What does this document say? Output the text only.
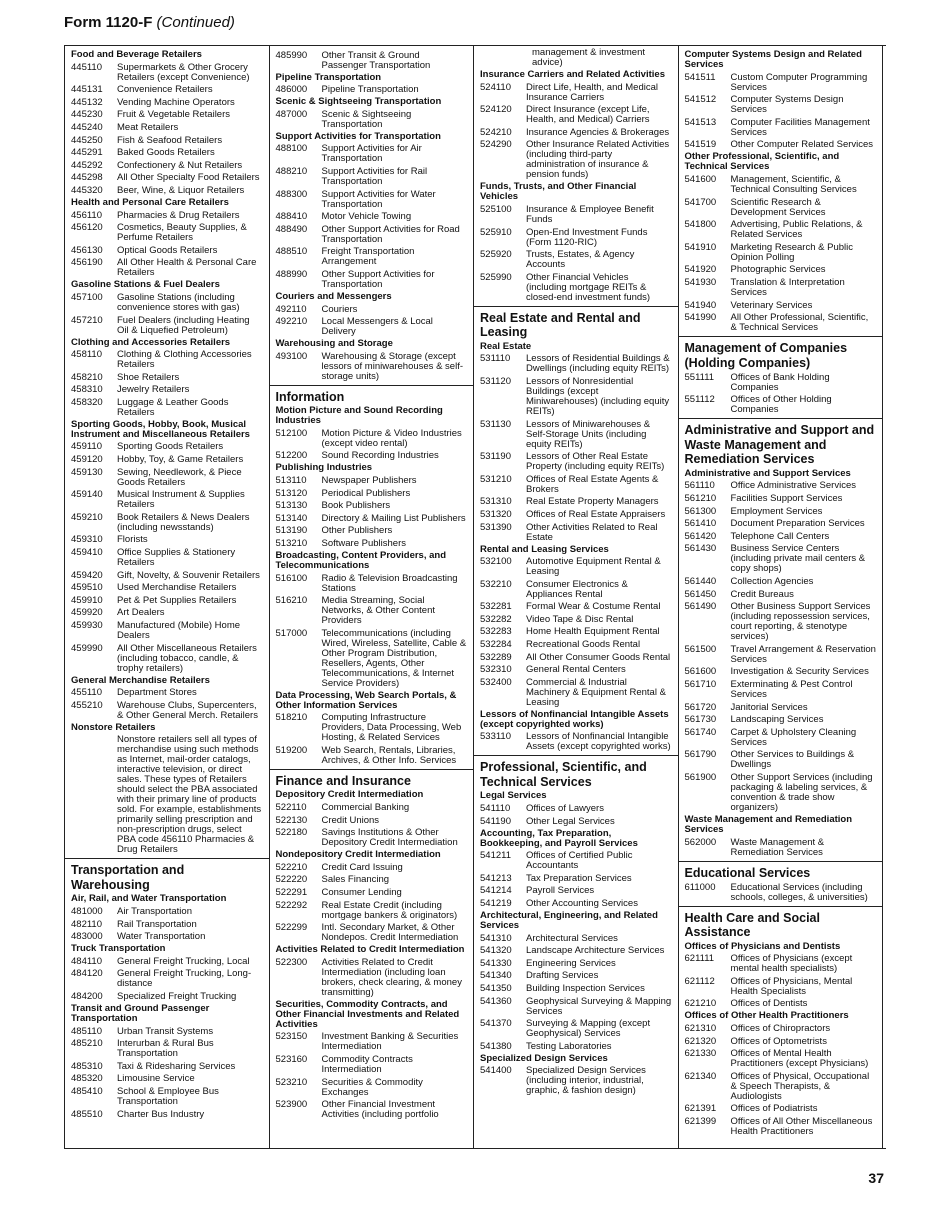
Form 1120-F (Continued)
Food and Beverage Retailers
445110	Supermarkets & Other Grocery Retailers (except Convenience)
445131	Convenience Retailers
445132	Vending Machine Operators
445230	Fruit & Vegetable Retailers
445240	Meat Retailers
445250	Fish & Seafood Retailers
445291	Baked Goods Retailers
445292	Confectionery & Nut Retailers
445298	All Other Specialty Food Retailers
445320	Beer, Wine, & Liquor Retailers
Health and Personal Care Retailers
456110	Pharmacies & Drug Retailers
456120	Cosmetics, Beauty Supplies, & Perfume Retailers
456130	Optical Goods Retailers
456190	All Other Health & Personal Care Retailers
Gasoline Stations & Fuel Dealers
457100	Gasoline Stations (including convenience stores with gas)
457210	Fuel Dealers (including Heating Oil & Liquefied Petroleum)
Clothing and Accessories Retailers
458110	Clothing & Clothing Accessories Retailers
458210	Shoe Retailers
458310	Jewelry Retailers
458320	Luggage & Leather Goods Retailers
Sporting Goods, Hobby, Book, Musical Instrument and Miscellaneous Retailers
459110	Sporting Goods Retailers
459120	Hobby, Toy, & Game Retailers
459130	Sewing, Needlework, & Piece Goods Retailers
459140	Musical Instrument & Supplies Retailers
459210	Book Retailers & News Dealers (including newsstands)
459310	Florists
459410	Office Supplies & Stationery Retailers
459420	Gift, Novelty, & Souvenir Retailers
459510	Used Merchandise Retailers
459910	Pet & Pet Supplies Retailers
459920	Art Dealers
459930	Manufactured (Mobile) Home Dealers
459990	All Other Miscellaneous Retailers (including tobacco, candle, & trophy retailers)
General Merchandise Retailers
455110	Department Stores
455210	Warehouse Clubs, Supercenters, & Other General Merch. Retailers
Nonstore Retailers
Nonstore retailers sell all types of merchandise using such methods as Internet, mail-order catalogs, interactive television, or direct sales. These types of Retailers should select the PBA associated with their primary line of products sold. For example, establishments primarily selling prescription and non-prescription drugs, select PBA code 456110 Pharmacies & Drug Retailers
Transportation and Warehousing
Air, Rail, and Water Transportation
481000	Air Transportation
482110	Rail Transportation
483000	Water Transportation
Truck Transportation
484110	General Freight Trucking, Local
484120	General Freight Trucking, Long-distance
484200	Specialized Freight Trucking
Transit and Ground Passenger Transportation
485110	Urban Transit Systems
485210	Interurban & Rural Bus Transportation
485310	Taxi & Ridesharing Services
485320	Limousine Service
485410	School & Employee Bus Transportation
485510	Charter Bus Industry
485990	Other Transit & Ground Passenger Transportation
Pipeline Transportation
486000	Pipeline Transportation
Scenic & Sightseeing Transportation
487000	Scenic & Sightseeing Transportation
Support Activities for Transportation
488100	Support Activities for Air Transportation
488210	Support Activities for Rail Transportation
488300	Support Activities for Water Transportation
488410	Motor Vehicle Towing
488490	Other Support Activities for Road Transportation
488510	Freight Transportation Arrangement
488990	Other Support Activities for Transportation
Couriers and Messengers
492110	Couriers
492210	Local Messengers & Local Delivery
Warehousing and Storage
493100	Warehousing & Storage (except lessors of miniwarehouses & self-storage units)
Information
Motion Picture and Sound Recording Industries
512100	Motion Picture & Video Industries (except video rental)
512200	Sound Recording Industries
Publishing Industries
513110	Newspaper Publishers
513120	Periodical Publishers
513130	Book Publishers
513140	Directory & Mailing List Publishers
513190	Other Publishers
513210	Software Publishers
Broadcasting, Content Providers, and Telecommunications
516100	Radio & Television Broadcasting Stations
516210	Media Streaming, Social Networks, & Other Content Providers
517000	Telecommunications (including Wired, Wireless, Satellite, Cable & Other Program Distribution, Resellers, Agents, Other Telecommunications, & Internet Service Providers)
Data Processing, Web Search Portals, & Other Information Services
518210	Computing Infrastructure Providers, Data Processing, Web Hosting, & Related Services
519200	Web Search, Rentals, Libraries, Archives, & Other Info. Services
Finance and Insurance
Depository Credit Intermediation
522110	Commercial Banking
522130	Credit Unions
522180	Savings Institutions & Other Depository Credit Intermediation
Nondepository Credit Intermediation
522210	Credit Card Issuing
522220	Sales Financing
522291	Consumer Lending
522292	Real Estate Credit (including mortgage bankers & originators)
522299	Intl. Secondary Market, & Other Nondepos. Credit Intermediation
Activities Related to Credit Intermediation
522300	Activities Related to Credit Intermediation (including loan brokers, check clearing, & money transmitting)
Securities, Commodity Contracts, and Other Financial Investments and Related Activities
523150	Investment Banking & Securities Intermediation
523160	Commodity Contracts Intermediation
523210	Securities & Commodity Exchanges
523900	Other Financial Investment Activities (including portfolio
management & investment advice)
Insurance Carriers and Related Activities
524110	Direct Life, Health, and Medical Insurance Carriers
524120	Direct Insurance (except Life, Health, and Medical) Carriers
524210	Insurance Agencies & Brokerages
524290	Other Insurance Related Activities (including third-party administration of insurance & pension funds)
Funds, Trusts, and Other Financial Vehicles
525100	Insurance & Employee Benefit Funds
525910	Open-End Investment Funds (Form 1120-RIC)
525920	Trusts, Estates, & Agency Accounts
525990	Other Financial Vehicles (including mortgage REITs & closed-end investment funds)
Real Estate and Rental and Leasing
Real Estate
531110	Lessors of Residential Buildings & Dwellings (including equity REITs)
531120	Lessors of Nonresidential Buildings (except Miniwarehouses) (including equity REITs)
531130	Lessors of Miniwarehouses & Self-Storage Units (including equity REITs)
531190	Lessors of Other Real Estate Property (including equity REITs)
531210	Offices of Real Estate Agents & Brokers
531310	Real Estate Property Managers
531320	Offices of Real Estate Appraisers
531390	Other Activities Related to Real Estate
Rental and Leasing Services
532100	Automotive Equipment Rental & Leasing
532210	Consumer Electronics & Appliances Rental
532281	Formal Wear & Costume Rental
532282	Video Tape & Disc Rental
532283	Home Health Equipment Rental
532284	Recreational Goods Rental
532289	All Other Consumer Goods Rental
532310	General Rental Centers
532400	Commercial & Industrial Machinery & Equipment Rental & Leasing
Lessors of Nonfinancial Intangible Assets (except copyrighted works)
533110	Lessors of Nonfinancial Intangible Assets (except copyrighted works)
Professional, Scientific, and Technical Services
Legal Services
541110	Offices of Lawyers
541190	Other Legal Services
Accounting, Tax Preparation, Bookkeeping, and Payroll Services
541211	Offices of Certified Public Accountants
541213	Tax Preparation Services
541214	Payroll Services
541219	Other Accounting Services
Architectural, Engineering, and Related Services
541310	Architectural Services
541320	Landscape Architecture Services
541330	Engineering Services
541340	Drafting Services
541350	Building Inspection Services
541360	Geophysical Surveying & Mapping Services
541370	Surveying & Mapping (except Geophysical) Services
541380	Testing Laboratories
Specialized Design Services
541400	Specialized Design Services (including interior, industrial, graphic, & fashion design)
Computer Systems Design and Related Services
541511	Custom Computer Programming Services
541512	Computer Systems Design Services
541513	Computer Facilities Management Services
541519	Other Computer Related Services
Other Professional, Scientific, and Technical Services
541600	Management, Scientific, & Technical Consulting Services
541700	Scientific Research & Development Services
541800	Advertising, Public Relations, & Related Services
541910	Marketing Research & Public Opinion Polling
541920	Photographic Services
541930	Translation & Interpretation Services
541940	Veterinary Services
541990	All Other Professional, Scientific, & Technical Services
Management of Companies (Holding Companies)
551111	Offices of Bank Holding Companies
551112	Offices of Other Holding Companies
Administrative and Support and Waste Management and Remediation Services
Administrative and Support Services
561110	Office Administrative Services
561210	Facilities Support Services
561300	Employment Services
561410	Document Preparation Services
561420	Telephone Call Centers
561430	Business Service Centers (including private mail centers & copy shops)
561440	Collection Agencies
561450	Credit Bureaus
561490	Other Business Support Services (including repossession services, court reporting, & stenotype services)
561500	Travel Arrangement & Reservation Services
561600	Investigation & Security Services
561710	Exterminating & Pest Control Services
561720	Janitorial Services
561730	Landscaping Services
561740	Carpet & Upholstery Cleaning Services
561790	Other Services to Buildings & Dwellings
561900	Other Support Services (including packaging & labeling services, & convention & trade show organizers)
Waste Management and Remediation Services
562000	Waste Management & Remediation Services
Educational Services
611000	Educational Services (including schools, colleges, & universities)
Health Care and Social Assistance
Offices of Physicians and Dentists
621111	Offices of Physicians (except mental health specialists)
621112	Offices of Physicians, Mental Health Specialists
621210	Offices of Dentists
Offices of Other Health Practitioners
621310	Offices of Chiropractors
621320	Offices of Optometrists
621330	Offices of Mental Health Practitioners (except Physicians)
621340	Offices of Physical, Occupational & Speech Therapists, & Audiologists
621391	Offices of Podiatrists
621399	Offices of All Other Miscellaneous Health Practitioners
37
